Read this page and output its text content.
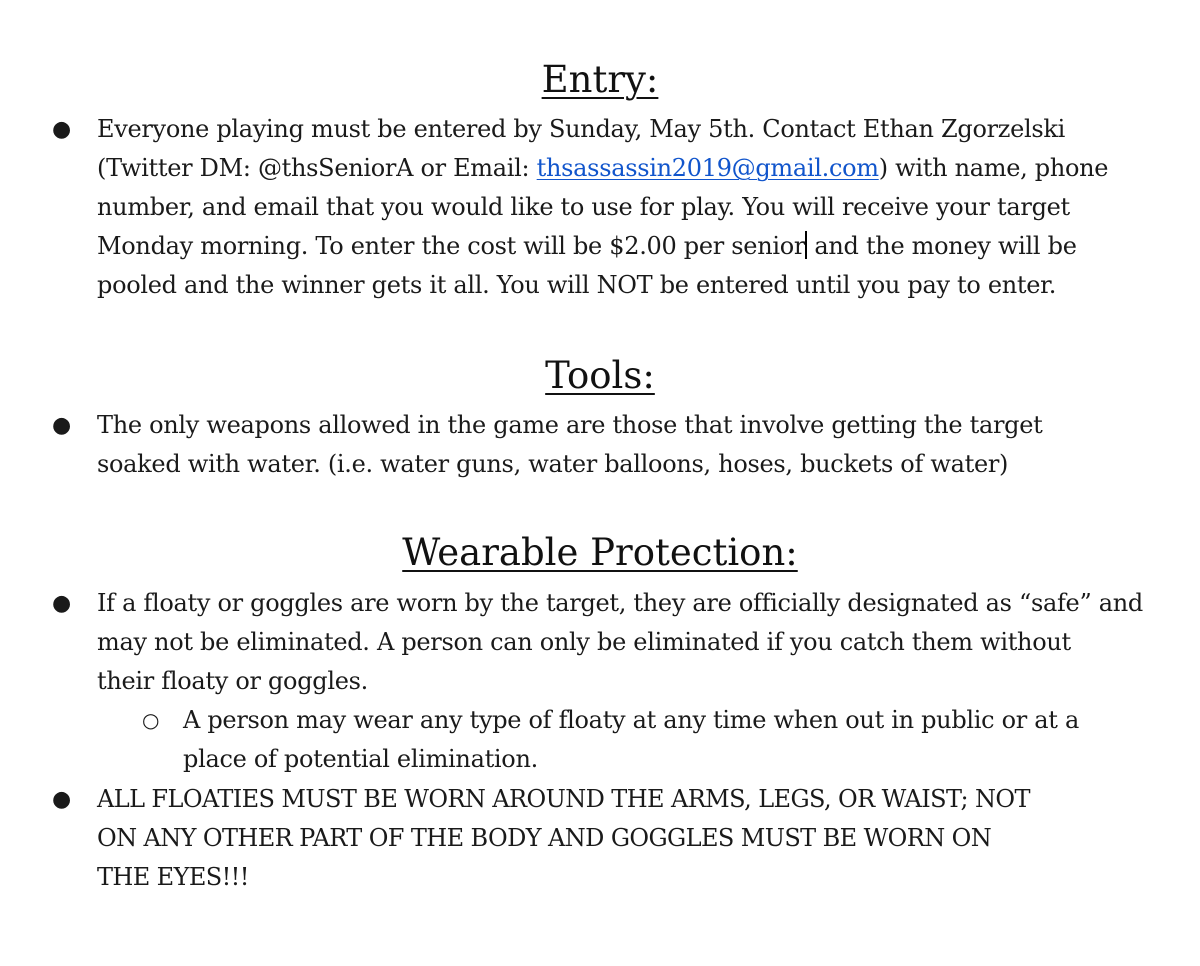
Entry:
● Everyone playing must be entered by Sunday, May 5th. Contact Ethan Zgorzelski
(Twitter DM: @thsSeniorA or Email: thsassassin2019@gmail.com) with name, phone
number, and email that you would like to use for play. You will receive your target
Monday morning. To enter the cost will be $2.00 per senior and the money will be
pooled and the winner gets it all. You will NOT be entered until you pay to enter.
Tools:
● The only weapons allowed in the game are those that involve getting the target
soaked with water. (i.e. water guns, water balloons, hoses, buckets of water)
Wearable Protection:
● If a floaty or goggles are worn by the target, they are officially designated as “safe” and
may not be eliminated. A person can only be eliminated if you catch them without
their floaty or goggles.
○ A person may wear any type of floaty at any time when out in public or at a
place of potential elimination.
● ALL FLOATIES MUST BE WORN AROUND THE ARMS, LEGS, OR WAIST; NOT
ON ANY OTHER PART OF THE BODY AND GOGGLES MUST BE WORN ON
THE EYES!!!
